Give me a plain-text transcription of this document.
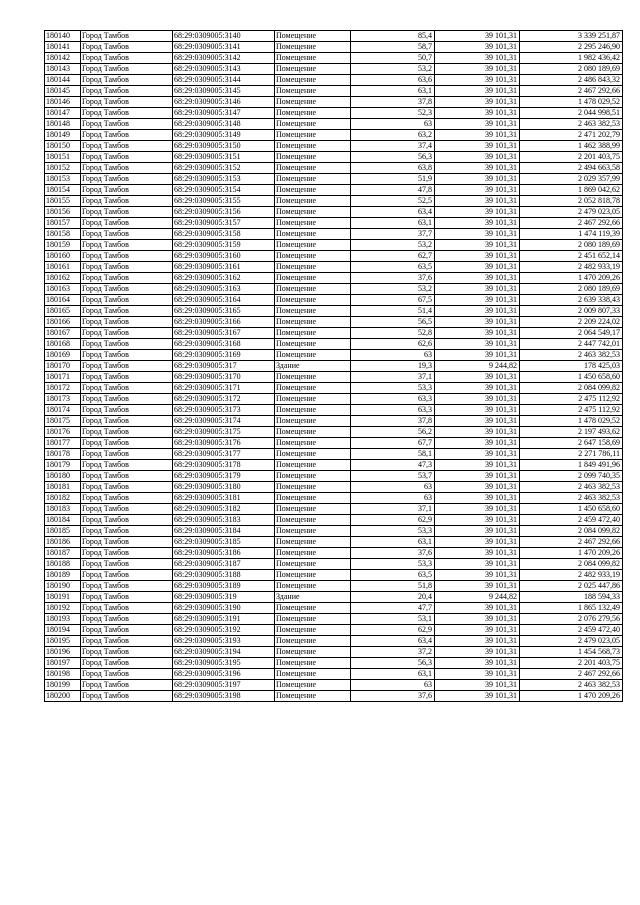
180140	Город Тамбов	68:29:0309005:3140	Помещение	85,4	39 101,31	3 339 251,87
180141	Город Тамбов	68:29:0309005:3141	Помещение	58,7	39 101,31	2 295 246,90
180142	Город Тамбов	68:29:0309005:3142	Помещение	50,7	39 101,31	1 982 436,42
180143	Город Тамбов	68:29:0309005:3143	Помещение	53,2	39 101,31	2 080 189,69
180144	Город Тамбов	68:29:0309005:3144	Помещение	63,6	39 101,31	2 486 843,32
180145	Город Тамбов	68:29:0309005:3145	Помещение	63,1	39 101,31	2 467 292,66
180146	Город Тамбов	68:29:0309005:3146	Помещение	37,8	39 101,31	1 478 029,52
180147	Город Тамбов	68:29:0309005:3147	Помещение	52,3	39 101,31	2 044 998,51
180148	Город Тамбов	68:29:0309005:3148	Помещение	63	39 101,31	2 463 382,53
180149	Город Тамбов	68:29:0309005:3149	Помещение	63,2	39 101,31	2 471 202,79
180150	Город Тамбов	68:29:0309005:3150	Помещение	37,4	39 101,31	1 462 388,99
180151	Город Тамбов	68:29:0309005:3151	Помещение	56,3	39 101,31	2 201 403,75
180152	Город Тамбов	68:29:0309005:3152	Помещение	63,8	39 101,31	2 494 663,58
180153	Город Тамбов	68:29:0309005:3153	Помещение	51,9	39 101,31	2 029 357,99
180154	Город Тамбов	68:29:0309005:3154	Помещение	47,8	39 101,31	1 869 042,62
180155	Город Тамбов	68:29:0309005:3155	Помещение	52,5	39 101,31	2 052 818,78
180156	Город Тамбов	68:29:0309005:3156	Помещение	63,4	39 101,31	2 479 023,05
180157	Город Тамбов	68:29:0309005:3157	Помещение	63,1	39 101,31	2 467 292,66
180158	Город Тамбов	68:29:0309005:3158	Помещение	37,7	39 101,31	1 474 119,39
180159	Город Тамбов	68:29:0309005:3159	Помещение	53,2	39 101,31	2 080 189,69
180160	Город Тамбов	68:29:0309005:3160	Помещение	62,7	39 101,31	2 451 652,14
180161	Город Тамбов	68:29:0309005:3161	Помещение	63,5	39 101,31	2 482 933,19
180162	Город Тамбов	68:29:0309005:3162	Помещение	37,6	39 101,31	1 470 209,26
180163	Город Тамбов	68:29:0309005:3163	Помещение	53,2	39 101,31	2 080 189,69
180164	Город Тамбов	68:29:0309005:3164	Помещение	67,5	39 101,31	2 639 338,43
180165	Город Тамбов	68:29:0309005:3165	Помещение	51,4	39 101,31	2 009 807,33
180166	Город Тамбов	68:29:0309005:3166	Помещение	56,5	39 101,31	2 209 224,02
180167	Город Тамбов	68:29:0309005:3167	Помещение	52,8	39 101,31	2 064 549,17
180168	Город Тамбов	68:29:0309005:3168	Помещение	62,6	39 101,31	2 447 742,01
180169	Город Тамбов	68:29:0309005:3169	Помещение	63	39 101,31	2 463 382,53
180170	Город Тамбов	68:29:0309005:317	Здание	19,3	9 244,82	178 425,03
180171	Город Тамбов	68:29:0309005:3170	Помещение	37,1	39 101,31	1 450 658,60
180172	Город Тамбов	68:29:0309005:3171	Помещение	53,3	39 101,31	2 084 099,82
180173	Город Тамбов	68:29:0309005:3172	Помещение	63,3	39 101,31	2 475 112,92
180174	Город Тамбов	68:29:0309005:3173	Помещение	63,3	39 101,31	2 475 112,92
180175	Город Тамбов	68:29:0309005:3174	Помещение	37,8	39 101,31	1 478 029,52
180176	Город Тамбов	68:29:0309005:3175	Помещение	56,2	39 101,31	2 197 493,62
180177	Город Тамбов	68:29:0309005:3176	Помещение	67,7	39 101,31	2 647 158,69
180178	Город Тамбов	68:29:0309005:3177	Помещение	58,1	39 101,31	2 271 786,11
180179	Город Тамбов	68:29:0309005:3178	Помещение	47,3	39 101,31	1 849 491,96
180180	Город Тамбов	68:29:0309005:3179	Помещение	53,7	39 101,31	2 099 740,35
180181	Город Тамбов	68:29:0309005:3180	Помещение	63	39 101,31	2 463 382,53
180182	Город Тамбов	68:29:0309005:3181	Помещение	63	39 101,31	2 463 382,53
180183	Город Тамбов	68:29:0309005:3182	Помещение	37,1	39 101,31	1 450 658,60
180184	Город Тамбов	68:29:0309005:3183	Помещение	62,9	39 101,31	2 459 472,40
180185	Город Тамбов	68:29:0309005:3184	Помещение	53,3	39 101,31	2 084 099,82
180186	Город Тамбов	68:29:0309005:3185	Помещение	63,1	39 101,31	2 467 292,66
180187	Город Тамбов	68:29:0309005:3186	Помещение	37,6	39 101,31	1 470 209,26
180188	Город Тамбов	68:29:0309005:3187	Помещение	53,3	39 101,31	2 084 099,82
180189	Город Тамбов	68:29:0309005:3188	Помещение	63,5	39 101,31	2 482 933,19
180190	Город Тамбов	68:29:0309005:3189	Помещение	51,8	39 101,31	2 025 447,86
180191	Город Тамбов	68:29:0309005:319	Здание	20,4	9 244,82	188 594,33
180192	Город Тамбов	68:29:0309005:3190	Помещение	47,7	39 101,31	1 865 132,49
180193	Город Тамбов	68:29:0309005:3191	Помещение	53,1	39 101,31	2 076 279,56
180194	Город Тамбов	68:29:0309005:3192	Помещение	62,9	39 101,31	2 459 472,40
180195	Город Тамбов	68:29:0309005:3193	Помещение	63,4	39 101,31	2 479 023,05
180196	Город Тамбов	68:29:0309005:3194	Помещение	37,2	39 101,31	1 454 568,73
180197	Город Тамбов	68:29:0309005:3195	Помещение	56,3	39 101,31	2 201 403,75
180198	Город Тамбов	68:29:0309005:3196	Помещение	63,1	39 101,31	2 467 292,66
180199	Город Тамбов	68:29:0309005:3197	Помещение	63	39 101,31	2 463 382,53
180200	Город Тамбов	68:29:0309005:3198	Помещение	37,6	39 101,31	1 470 209,26
